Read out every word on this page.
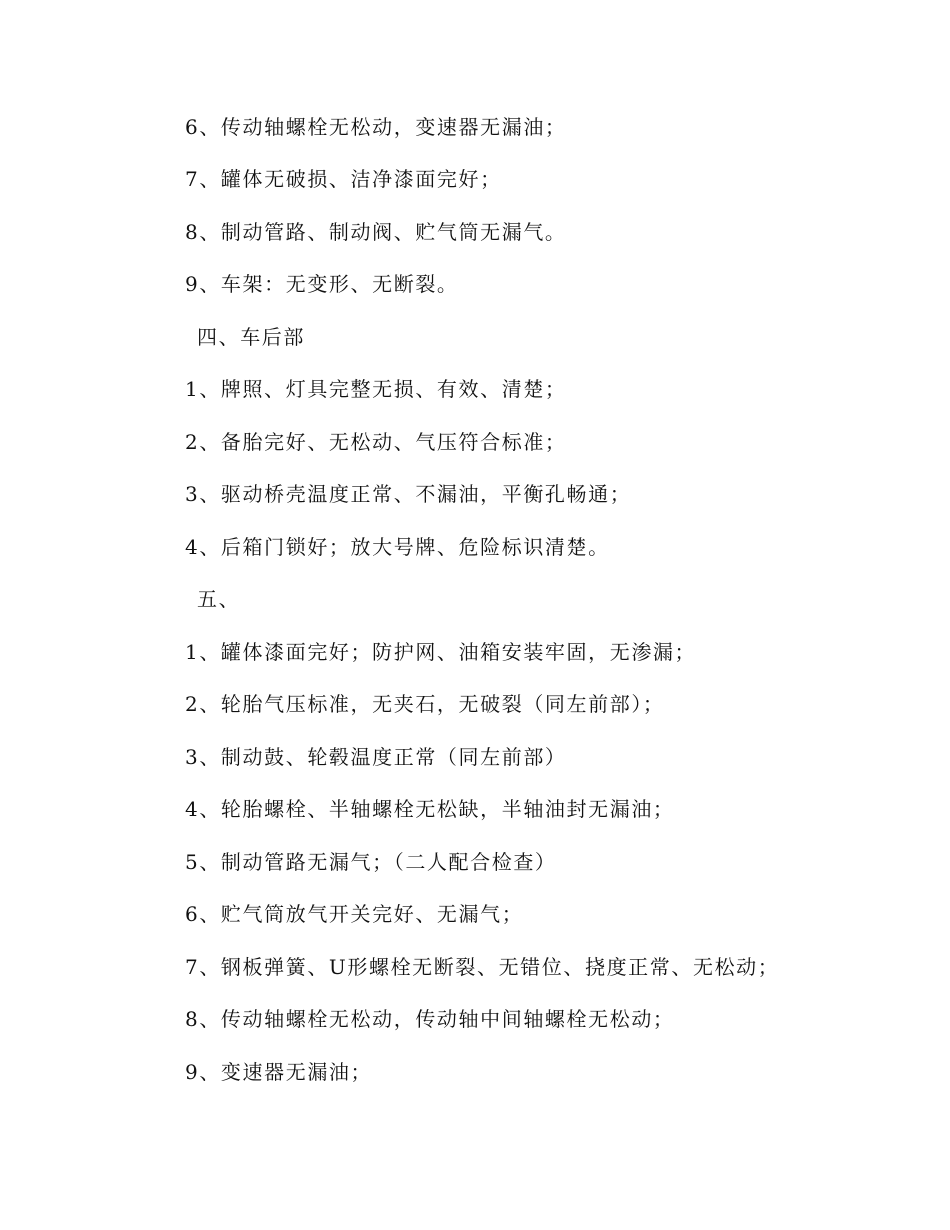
6、传动轴螺栓无松动，变速器无漏油；
7、罐体无破损、洁净漆面完好；
8、制动管路、制动阀、贮气筒无漏气。
9、车架：无变形、无断裂。
四、车后部
1、牌照、灯具完整无损、有效、清楚；
2、备胎完好、无松动、气压符合标准；
3、驱动桥壳温度正常、不漏油，平衡孔畅通；
4、后箱门锁好；放大号牌、危险标识清楚。
五、
1、罐体漆面完好；防护网、油箱安装牢固，无渗漏；
2、轮胎气压标准，无夹石，无破裂（同左前部）；
3、制动鼓、轮毂温度正常（同左前部）
4、轮胎螺栓、半轴螺栓无松缺，半轴油封无漏油；
5、制动管路无漏气；（二人配合检查）
6、贮气筒放气开关完好、无漏气；
7、钢板弹簧、U形螺栓无断裂、无错位、挠度正常、无松动；
8、传动轴螺栓无松动，传动轴中间轴螺栓无松动；
9、变速器无漏油；
